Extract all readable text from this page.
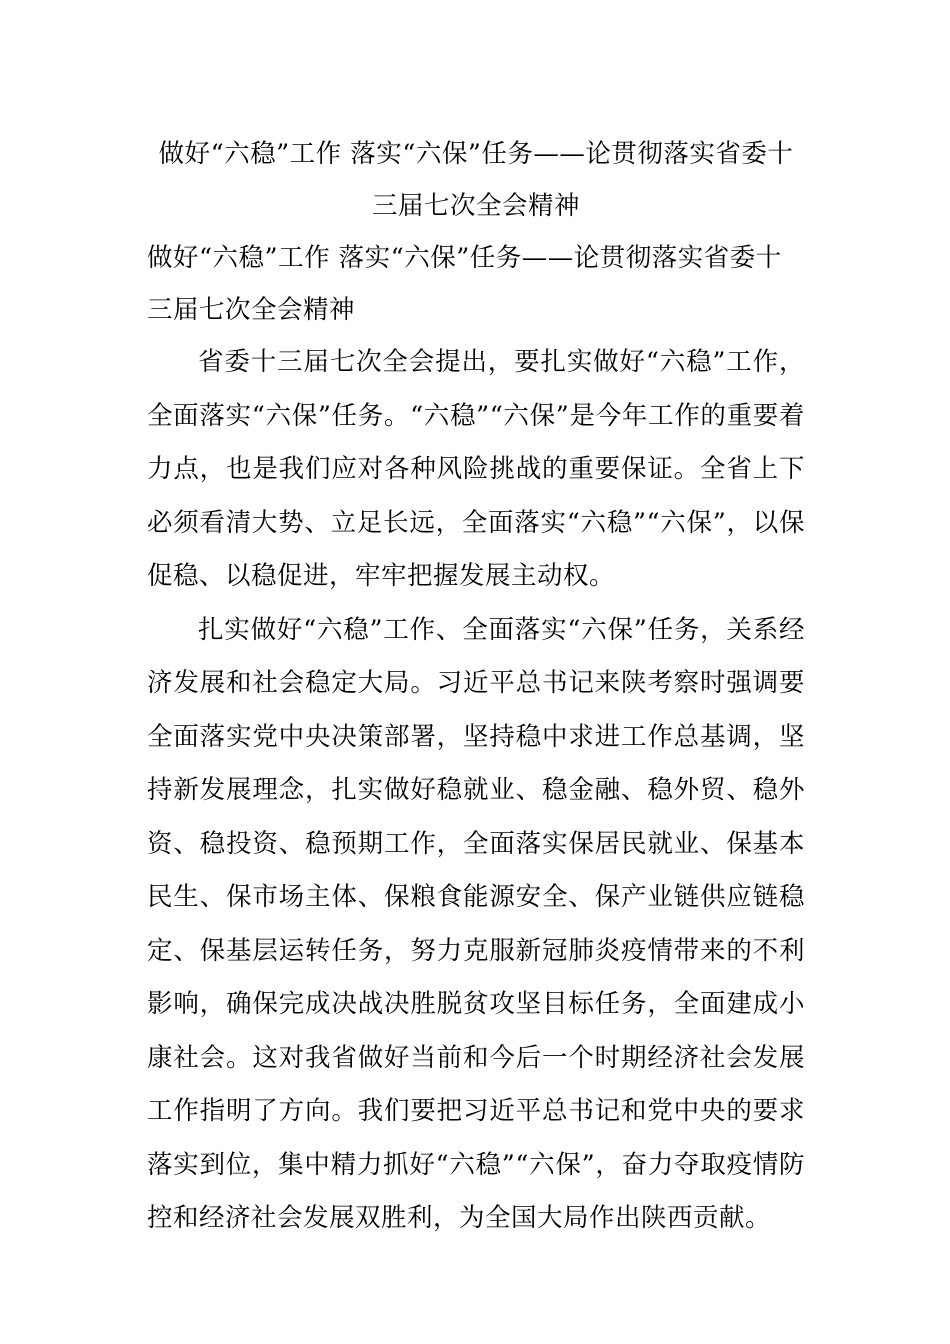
做好“六稳”工作 落实“六保”任务——论贯彻落实省委十三届七次全会精神

做好“六稳”工作 落实“六保”任务——论贯彻落实省委十三届七次全会精神

省委十三届七次全会提出，要扎实做好“六稳”工作，全面落实“六保”任务。“六稳”“六保”是今年工作的重要着力点，也是我们应对各种风险挑战的重要保证。全省上下必须看清大势、立足长远，全面落实“六稳”“六保”，以保促稳、以稳促进，牢牢把握发展主动权。

扎实做好“六稳”工作、全面落实“六保”任务，关系经济发展和社会稳定大局。习近平总书记来陕考察时强调要全面落实党中央决策部署，坚持稳中求进工作总基调，坚持新发展理念，扎实做好稳就业、稳金融、稳外贸、稳外资、稳投资、稳预期工作，全面落实保居民就业、保基本民生、保市场主体、保粮食能源安全、保产业链供应链稳定、保基层运转任务，努力克服新冠肺炎疫情带来的不利影响，确保完成决战决胜脱贫攻坚目标任务，全面建成小康社会。这对我省做好当前和今后一个时期经济社会发展工作指明了方向。我们要把习近平总书记和党中央的要求落实到位，集中精力抓好“六稳”“六保”，奋力夺取疫情防控和经济社会发展双胜利，为全国大局作出陕西贡献。
